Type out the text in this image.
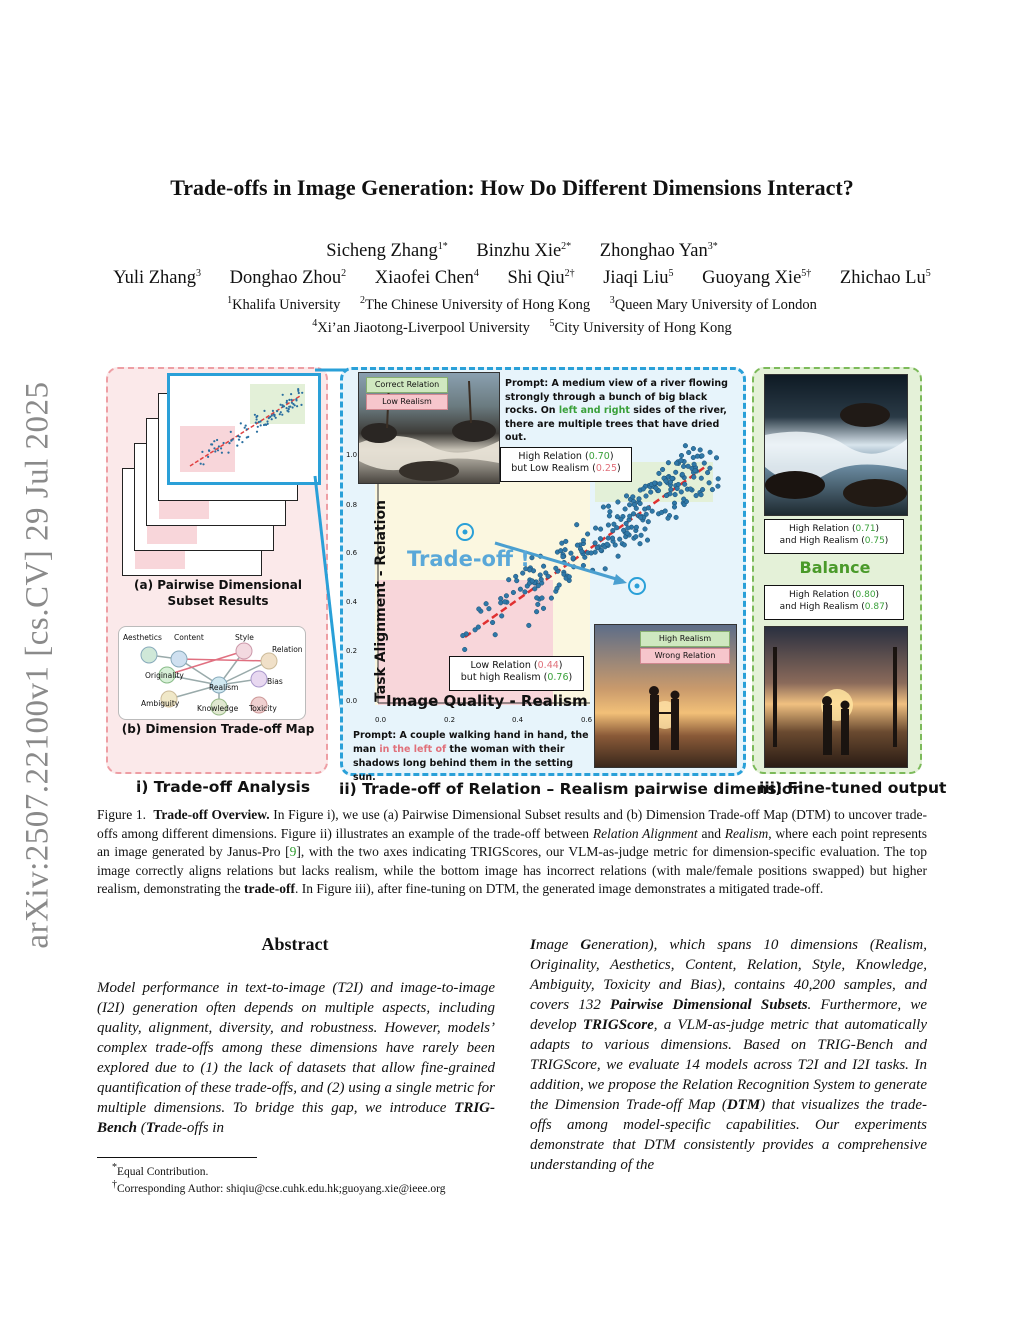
arXiv:2507.22100v1 [cs.CV] 29 Jul 2025
Trade-offs in Image Generation: How Do Different Dimensions Interact?
Sicheng Zhang$^{1*}$ Binzhu Xie$^{2*}$ Zhonghao Yan$^{3*}$
Yuli Zhang$^3$ Donghao Zhou$^2$ Xiaofei Chen$^4$ Shi Qiu$^{2\dagger}$ Jiaqi Liu$^5$ Guoyang Xie$^{5\dagger}$ Zhichao Lu$^5$
$^1$Khalifa University $^2$The Chinese University of Hong Kong $^3$Queen Mary University of London
$^4$Xi’an Jiaotong-Liverpool University $^5$City University of Hong Kong
(a) Pairwise Dimensional
Subset Results
Aesthetics Content	Style
Relation
Originality
Realism
Bias
Ambiguity
Knowledge Toxicity
(b) Dimension Trade-off Map
i) Trade-off Analysis
1.0
0.8
0.6
0.4
0.2
0.0
0.0	0.2	0.4	0.6
Task Alignment - Relation
Image Quality - Realism
Trade-off !
Correct Relation
Low Realism
Prompt: A medium view of a river flowing strongly through a bunch of big black rocks. On left and right sides of the river, there are multiple trees that have dried out.
High Relation (0.70)
but Low Realism (0.25)
High Realism
Wrong Relation
Low Relation (0.44)
but high Realism (0.76)
Prompt: A couple walking hand in hand, the man in the left of the woman with their shadows long behind them in the setting sun.
ii) Trade-off of Relation – Realism pairwise dimension
High Relation (0.71)
and High Realism (0.75)
Balance
High Relation (0.80)
and High Realism (0.87)
iii) Fine-tuned output
Figure 1. Trade-off Overview. In Figure i), we use (a) Pairwise Dimensional Subset results and (b) Dimension Trade-off Map (DTM) to uncover trade-offs among different dimensions. Figure ii) illustrates an example of the trade-off between Relation Alignment and Realism, where each point represents an image generated by Janus-Pro [9], with the two axes indicating TRIGScores, our VLM-as-judge metric for dimension-specific evaluation. The top image correctly aligns relations but lacks realism, while the bottom image has incorrect relations (with male/female positions swapped) but higher realism, demonstrating the trade-off. In Figure iii), after fine-tuning on DTM, the generated image demonstrates a mitigated trade-off.
Abstract
Model performance in text-to-image (T2I) and image-to-image (I2I) generation often depends on multiple aspects, including quality, alignment, diversity, and robustness. However, models’ complex trade-offs among these dimensions have rarely been explored due to (1) the lack of datasets that allow fine-grained quantification of these trade-offs, and (2) using a single metric for multiple dimensions. To bridge this gap, we introduce TRIG-Bench (Trade-offs in
Image Generation), which spans 10 dimensions (Realism, Originality, Aesthetics, Content, Relation, Style, Knowledge, Ambiguity, Toxicity and Bias), contains 40,200 samples, and covers 132 Pairwise Dimensional Subsets. Furthermore, we develop TRIGScore, a VLM-as-judge metric that automatically adapts to various dimensions. Based on TRIG-Bench and TRIGScore, we evaluate 14 models across T2I and I2I tasks. In addition, we propose the Relation Recognition System to generate the Dimension Trade-off Map (DTM) that visualizes the trade-offs among model-specific capabilities. Our experiments demonstrate that DTM consistently provides a comprehensive understanding of the
*Equal Contribution.
†Corresponding Author: shiqiu@cse.cuhk.edu.hk;guoyang.xie@ieee.org
